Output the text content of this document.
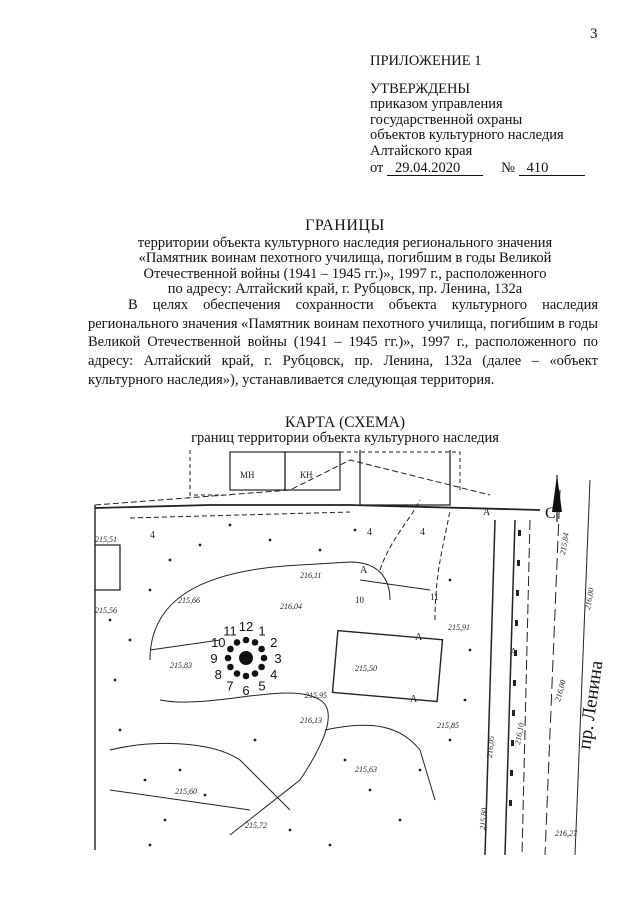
3
ПРИЛОЖЕНИЕ 1
УТВЕРЖДЕНЫ
приказом управления
государственной охраны
объектов культурного наследия
Алтайского края
от 29.04.2020	№ 410
ГРАНИЦЫ
территории объекта культурного наследия регионального значения
«Памятник воинам пехотного училища, погибшим в годы Великой
Отечественной войны (1941 – 1945 гг.)», 1997 г., расположенного
по адресу: Алтайский край, г. Рубцовск, пр. Ленина, 132а
В целях обеспечения сохранности объекта культурного наследия регионального значения «Памятник воинам пехотного училища, погибшим в годы Великой Отечественной войны (1941 – 1945 гг.)», 1997 г., расположенного по адресу: Алтайский край, г. Рубцовск, пр. Ленина, 132а (далее – «объект культурного наследия»), устанавливается следующая территория.
КАРТА (СХЕМА)
границ территории объекта культурного наследия
215,51
215,56
215,66
216,04
216,11
215,83
215,95
216,13
215,50
215,91
215,85
215,63
215,60
215,72
216,27
216,00
216,10
215,84
216,05
215,80
216,00
МН	КН
А
А
А
А
А
4
4	4
10	11
1
2
3
4
5
6
7
8
9
10
11 12
пр. Ленина
С
